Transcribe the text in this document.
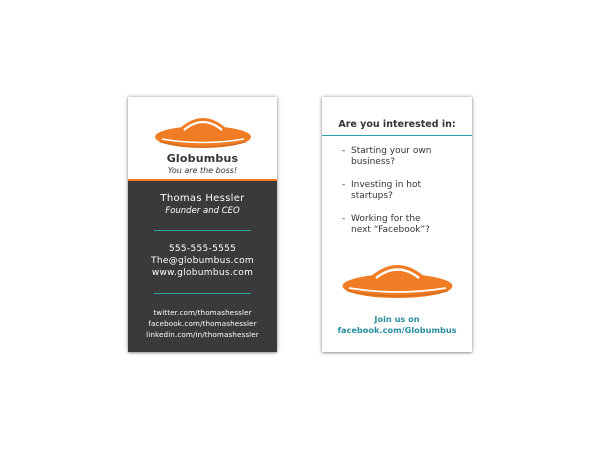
Globumbus
You are the boss!
Thomas Hessler
Founder and CEO
555-555-5555
The@globumbus.com
www.globumbus.com
twitter.com/thomashessler
facebook.com/thomashessler
linkedin.com/in/thomashessler
Are you interested in:
- Starting your own
business?
- Investing in hot
startups?
- Working for the
next “Facebook”?
Join us on
facebook.com/Globumbus
